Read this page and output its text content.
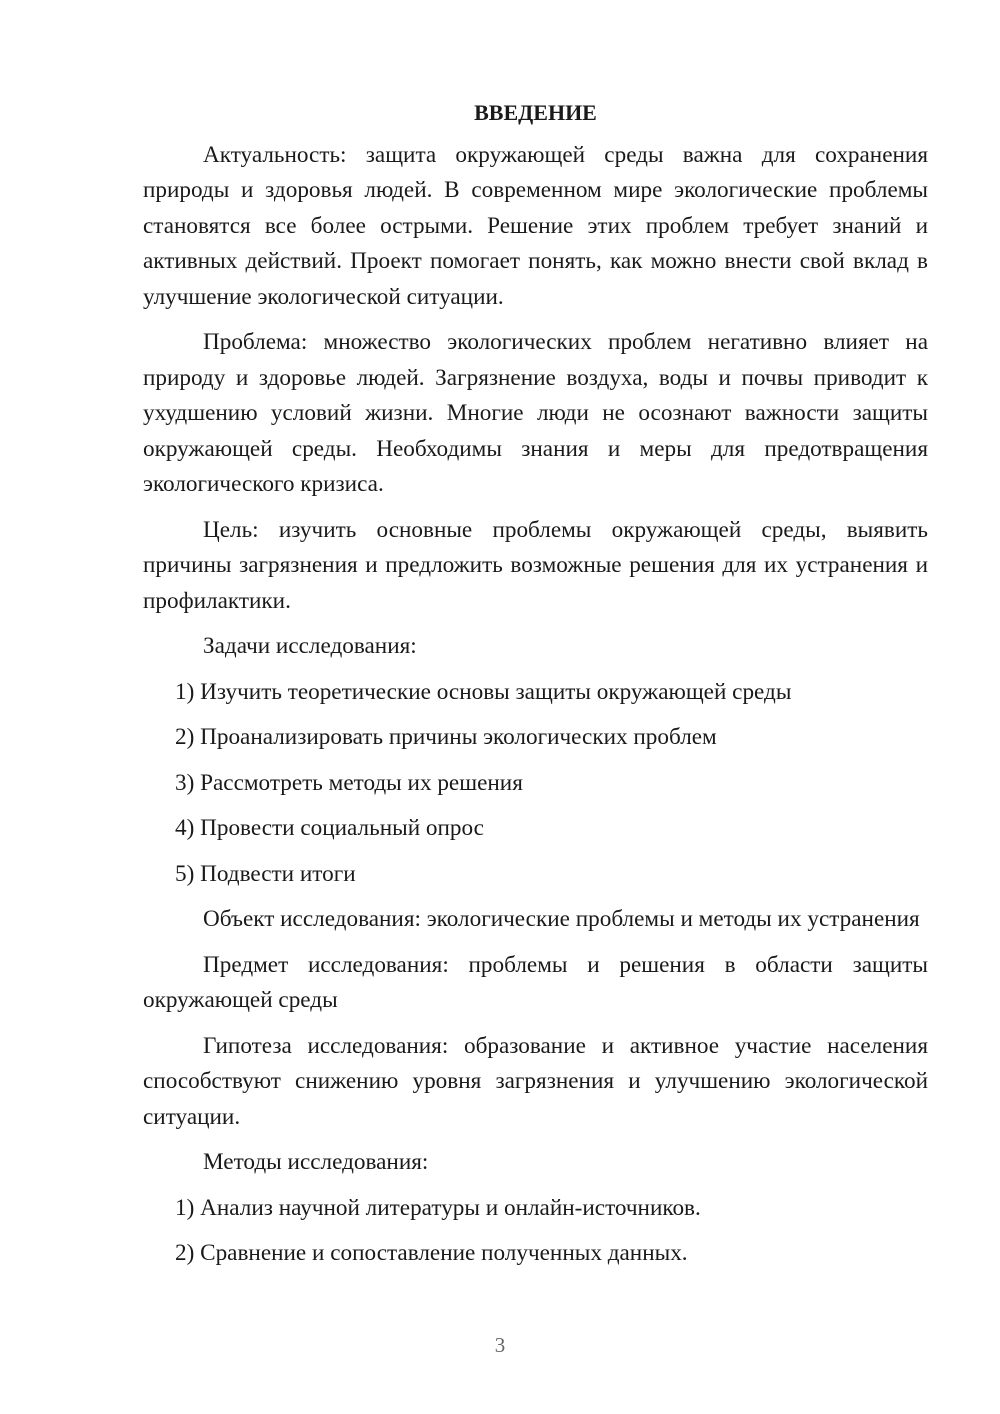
ВВЕДЕНИЕ
Актуальность: защита окружающей среды важна для сохранения природы и здоровья людей. В современном мире экологические проблемы становятся все более острыми. Решение этих проблем требует знаний и активных действий. Проект помогает понять, как можно внести свой вклад в улучшение экологической ситуации.
Проблема: множество экологических проблем негативно влияет на природу и здоровье людей. Загрязнение воздуха, воды и почвы приводит к ухудшению условий жизни. Многие люди не осознают важности защиты окружающей среды. Необходимы знания и меры для предотвращения экологического кризиса.
Цель: изучить основные проблемы окружающей среды, выявить причины загрязнения и предложить возможные решения для их устранения и профилактики.
Задачи исследования:
1) Изучить теоретические основы защиты окружающей среды
2) Проанализировать причины экологических проблем
3) Рассмотреть методы их решения
4) Провести социальный опрос
5) Подвести итоги
Объект исследования: экологические проблемы и методы их устранения
Предмет исследования: проблемы и решения в области защиты окружающей среды
Гипотеза исследования: образование и активное участие населения способствуют снижению уровня загрязнения и улучшению экологической ситуации.
Методы исследования:
1) Анализ научной литературы и онлайн-источников.
2) Сравнение и сопоставление полученных данных.
3
